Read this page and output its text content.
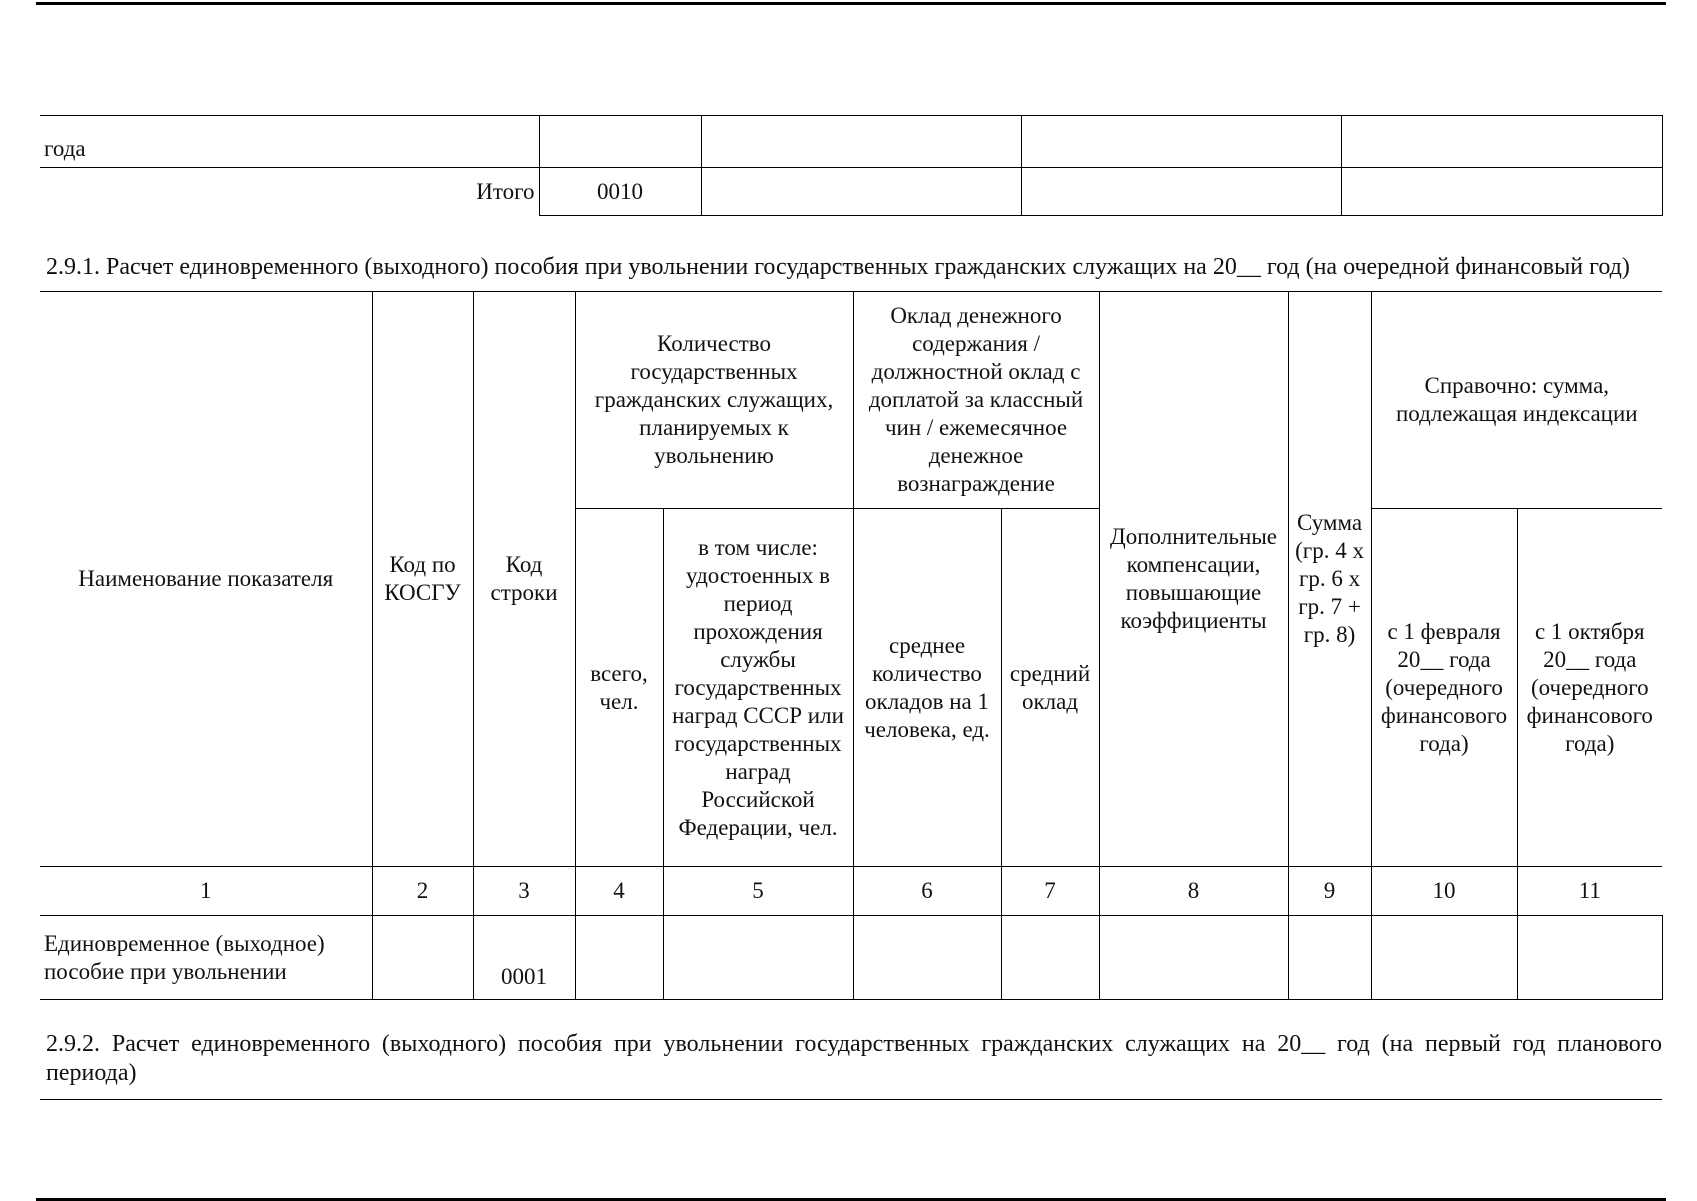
года				
Итого	0010			

2.9.1. Расчет единовременного (выходного) пособия при увольнении государственных гражданских служащих на 20__ год (на очередной финансовый год)

Наименование показателя	Код по КОСГУ	Код строки	Количество государственных гражданских служащих, планируемых к увольнению		Оклад денежного содержания / должностной оклад с доплатой за классный чин / ежемесячное денежное вознаграждение		Дополнительные компенсации, повышающие коэффициенты	Сумма (гр. 4 х гр. 6 х гр. 7 + гр. 8)	Справочно: сумма, подлежащая индексации	
			всего, чел.	в том числе: удостоенных в период прохождения службы государственных наград СССР или государственных наград Российской Федерации, чел.	среднее количество окладов на 1 человека, ед.	средний оклад			с 1 февраля 20__ года (очередного финансового года)	с 1 октября 20__ года (очередного финансового года)
1	2	3	4	5	6	7	8	9	10	11
Единовременное (выходное) пособие при увольнении		0001								

2.9.2. Расчет единовременного (выходного) пособия при увольнении государственных гражданских служащих на 20__ год (на первый год планового периода)
